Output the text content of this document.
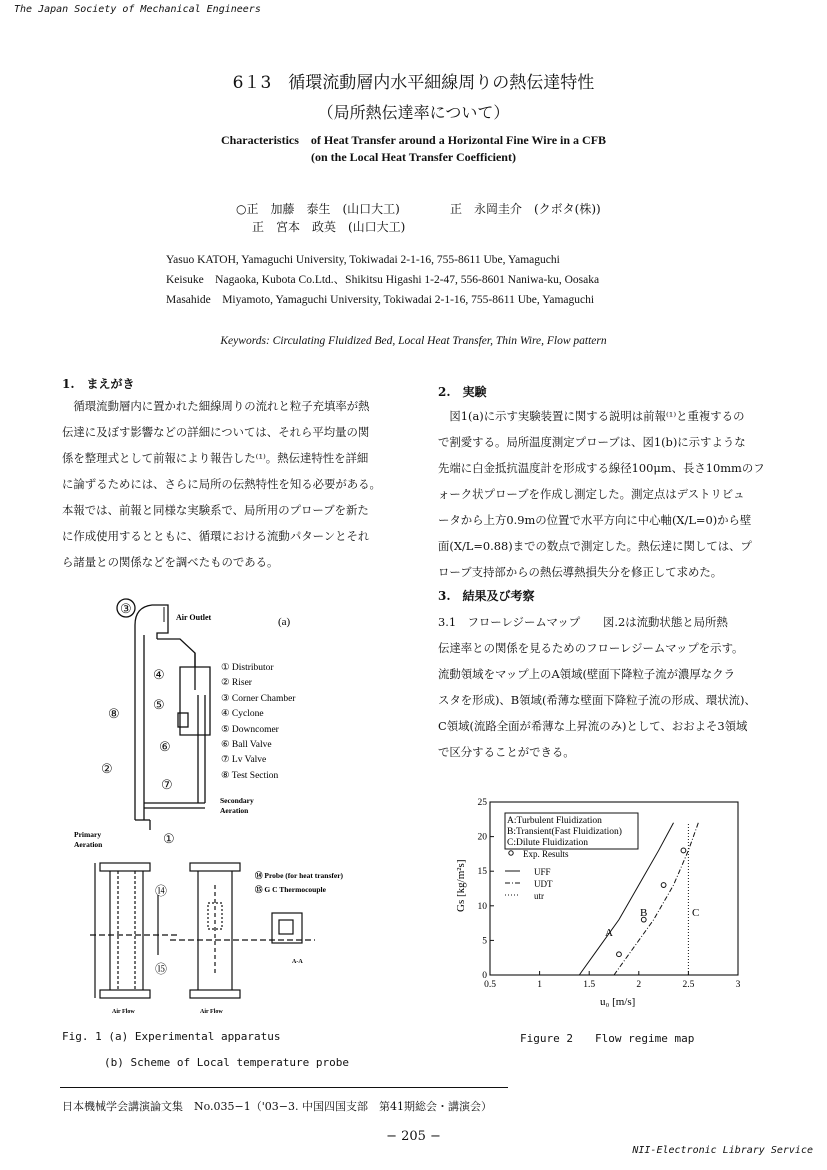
The Japan Society of Mechanical Engineers
6１3　循環流動層内水平細線周りの熱伝達特性
（局所熱伝達率について）
Characteristics　of Heat Transfer around a Horizontal Fine Wire in a CFB
(on the Local Heat Transfer Coefficient)
○正　加藤　泰生　(山口大工)	正　永岡圭介　(クボタ(株))
正　宮本　政英　(山口大工)
Yasuo KATOH, Yamaguchi University, Tokiwadai 2-1-16, 755-8611 Ube, Yamaguchi
Keisuke　Nagaoka, Kubota Co.Ltd.、Shikitsu Higashi 1-2-47, 556-8601 Naniwa-ku, Oosaka
Masahide　Miyamoto, Yamaguchi University, Tokiwadai 2-1-16, 755-8611 Ube, Yamaguchi
Keywords: Circulating Fluidized Bed, Local Heat Transfer, Thin Wire, Flow pattern
1.　まえがき
　循環流動層内に置かれた細線周りの流れと粒子充填率が熱
伝達に及ぼす影響などの詳細については、それら平均量の関
係を整理式として前報により報告した⁽¹⁾。熱伝達特性を詳細
に論ずるためには、さらに局所の伝熱特性を知る必要がある。
本報では、前報と同様な実験系で、局所用のプローブを新た
に作成使用するとともに、循環における流動パターンとそれ
ら諸量との関係などを調べたものである。
2.　実験
　図1(a)に示す実験装置に関する説明は前報⁽¹⁾と重複するの
で割愛する。局所温度測定プローブは、図1(b)に示すような
先端に白金抵抗温度計を形成する線径100μm、長さ10mmのフ
ォーク状プローブを作成し測定した。測定点はデストリビュ
ータから上方0.9mの位置で水平方向に中心軸(X/L=0)から壁
面(X/L=0.88)までの数点で測定した。熱伝達に関しては、プ
ローブ支持部からの熱伝導熱損失分を修正して求めた。
3.　結果及び考察
3.1　フローレジームマップ　　図.2は流動状態と局所熱
伝達率との関係を見るためのフローレジームマップを示す。
流動領域をマップ上のA領域(壁面下降粒子流が濃厚なクラ
スタを形成)、B領域(希薄な壁面下降粒子流の形成、環状流)、
C領域(流路全面が希薄な上昇流のみ)として、おおよそ3領域
で区分することができる。
Air Outlet	(a)
③
④
⑤
⑧
⑥
②
⑦
①
① Distributor
② Riser
③ Corner Chamber
④ Cyclone
⑤ Downcomer
⑥ Ball Valve
⑦ Lv Valve
⑧ Test Section
Secondary
Aeration
Primary
Aeration
⑭
⑮
⑭ Probe (for heat transfer)
⑮ G C Thermocouple
Air Flow	Air Flow
A-A
Fig. 1 (a) Experimental apparatus
(b) Scheme of Local temperature probe
0.5	1	1.5	2	2.5	3
0
5
10
15
20
25
A:Turbulent Fluidization
B:Transient(Fast Fluidization)
C:Dilute Fluidization
Exp. Results
UFF
UDT
utr
A
B	C
u₀ [m/s]
Gs [kg/m²s]
Figure 2　　Flow regime map
日本機械学会講演論文集　No.035−1（'03−3. 中国四国支部　第41期総会・講演会）
− 205 −
NII-Electronic Library Service
